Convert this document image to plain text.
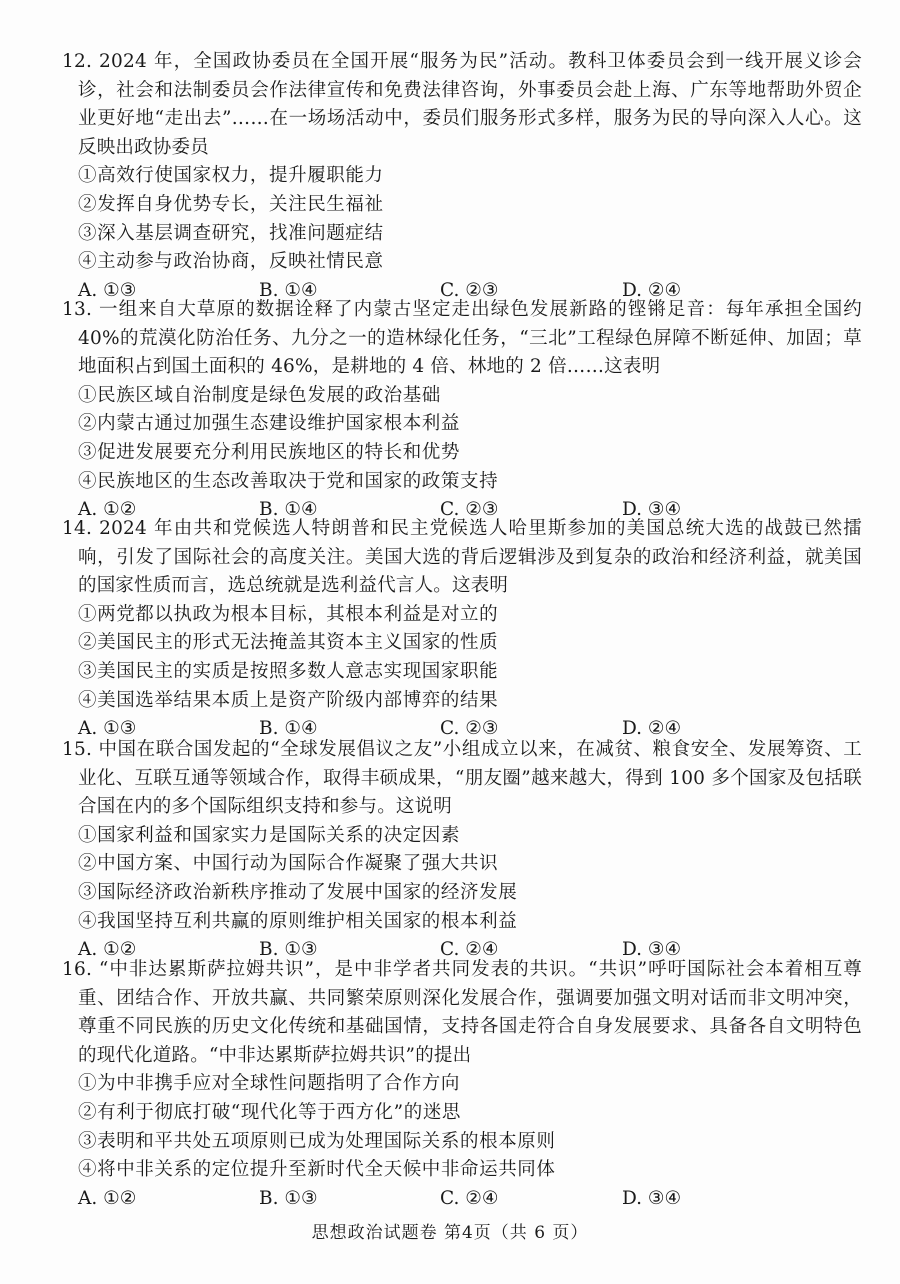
12. 2024 年，全国政协委员在全国开展“服务为民”活动。教科卫体委员会到一线开展义诊会诊，社会和法制委员会作法律宣传和免费法律咨询，外事委员会赴上海、广东等地帮助外贸企业更好地“走出去”……在一场场活动中，委员们服务形式多样，服务为民的导向深入人心。这反映出政协委员

①高效行使国家权力，提升履职能力

②发挥自身优势专长，关注民生福祉

③深入基层调查研究，找准问题症结

④主动参与政治协商，反映社情民意

A. ①③	B. ①④	C. ②③	D. ②④

13. 一组来自大草原的数据诠释了内蒙古坚定走出绿色发展新路的铿锵足音：每年承担全国约 40%的荒漠化防治任务、九分之一的造林绿化任务，“三北”工程绿色屏障不断延伸、加固；草地面积占到国土面积的 46%，是耕地的 4 倍、林地的 2 倍……这表明

①民族区域自治制度是绿色发展的政治基础

②内蒙古通过加强生态建设维护国家根本利益

③促进发展要充分利用民族地区的特长和优势

④民族地区的生态改善取决于党和国家的政策支持

A. ①②	B. ①④	C. ②③	D. ③④

14. 2024 年由共和党候选人特朗普和民主党候选人哈里斯参加的美国总统大选的战鼓已然擂响，引发了国际社会的高度关注。美国大选的背后逻辑涉及到复杂的政治和经济利益，就美国的国家性质而言，选总统就是选利益代言人。这表明

①两党都以执政为根本目标，其根本利益是对立的

②美国民主的形式无法掩盖其资本主义国家的性质

③美国民主的实质是按照多数人意志实现国家职能

④美国选举结果本质上是资产阶级内部博弈的结果

A. ①③	B. ①④	C. ②③	D. ②④

15. 中国在联合国发起的“全球发展倡议之友”小组成立以来，在减贫、粮食安全、发展筹资、工业化、互联互通等领域合作，取得丰硕成果，“朋友圈”越来越大，得到 100 多个国家及包括联合国在内的多个国际组织支持和参与。这说明

①国家利益和国家实力是国际关系的决定因素

②中国方案、中国行动为国际合作凝聚了强大共识

③国际经济政治新秩序推动了发展中国家的经济发展

④我国坚持互利共赢的原则维护相关国家的根本利益

A. ①②	B. ①③	C. ②④	D. ③④

16. “中非达累斯萨拉姆共识”，是中非学者共同发表的共识。“共识”呼吁国际社会本着相互尊重、团结合作、开放共赢、共同繁荣原则深化发展合作，强调要加强文明对话而非文明冲突，尊重不同民族的历史文化传统和基础国情，支持各国走符合自身发展要求、具备各自文明特色的现代化道路。“中非达累斯萨拉姆共识”的提出

①为中非携手应对全球性问题指明了合作方向

②有利于彻底打破“现代化等于西方化”的迷思

③表明和平共处五项原则已成为处理国际关系的根本原则

④将中非关系的定位提升至新时代全天候中非命运共同体

A. ①②	B. ①③	C. ②④	D. ③④
思想政治试题卷 第4页（共 6 页）
